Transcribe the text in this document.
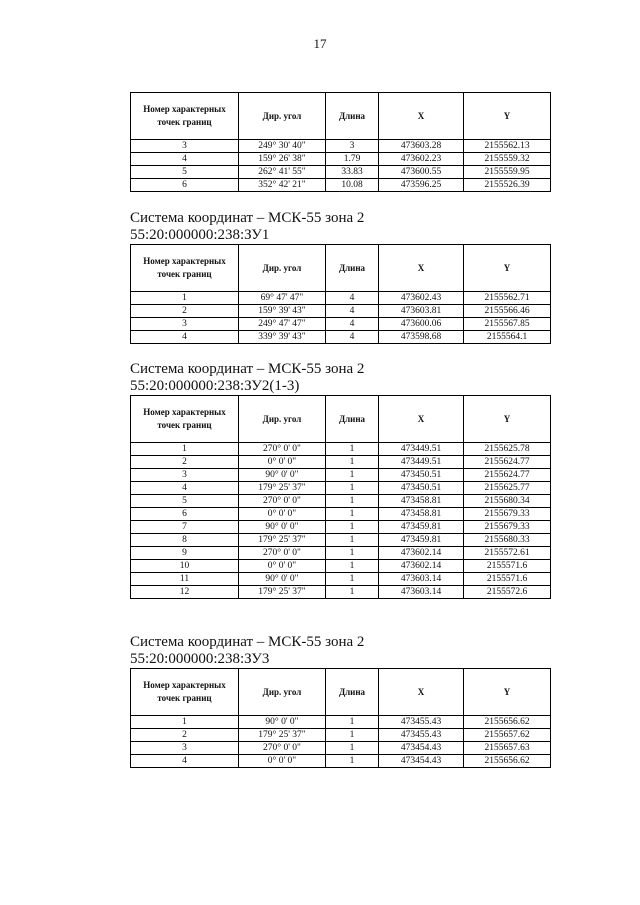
17
Номер характерных точек границ	Дир. угол	Длина	X	Y
3	249° 30' 40"	3	473603.28	2155562.13
4	159° 26' 38"	1.79	473602.23	2155559.32
5	262° 41' 55"	33.83	473600.55	2155559.95
6	352° 42' 21"	10.08	473596.25	2155526.39
Система координат – МСК-55 зона 2
55:20:000000:238:ЗУ1
Номер характерных точек границ	Дир. угол	Длина	X	Y
1	69° 47' 47"	4	473602.43	2155562.71
2	159° 39' 43"	4	473603.81	2155566.46
3	249° 47' 47"	4	473600.06	2155567.85
4	339° 39' 43"	4	473598.68	2155564.1
Система координат – МСК-55 зона 2
55:20:000000:238:ЗУ2(1-3)
Номер характерных точек границ	Дир. угол	Длина	X	Y
1	270° 0' 0"	1	473449.51	2155625.78
2	0° 0' 0"	1	473449.51	2155624.77
3	90° 0' 0"	1	473450.51	2155624.77
4	179° 25' 37"	1	473450.51	2155625.77
5	270° 0' 0"	1	473458.81	2155680.34
6	0° 0' 0"	1	473458.81	2155679.33
7	90° 0' 0"	1	473459.81	2155679.33
8	179° 25' 37"	1	473459.81	2155680.33
9	270° 0' 0"	1	473602.14	2155572.61
10	0° 0' 0"	1	473602.14	2155571.6
11	90° 0' 0"	1	473603.14	2155571.6
12	179° 25' 37"	1	473603.14	2155572.6
Система координат – МСК-55 зона 2
55:20:000000:238:ЗУ3
Номер характерных точек границ	Дир. угол	Длина	X	Y
1	90° 0' 0"	1	473455.43	2155656.62
2	179° 25' 37"	1	473455.43	2155657.62
3	270° 0' 0"	1	473454.43	2155657.63
4	0° 0' 0"	1	473454.43	2155656.62
